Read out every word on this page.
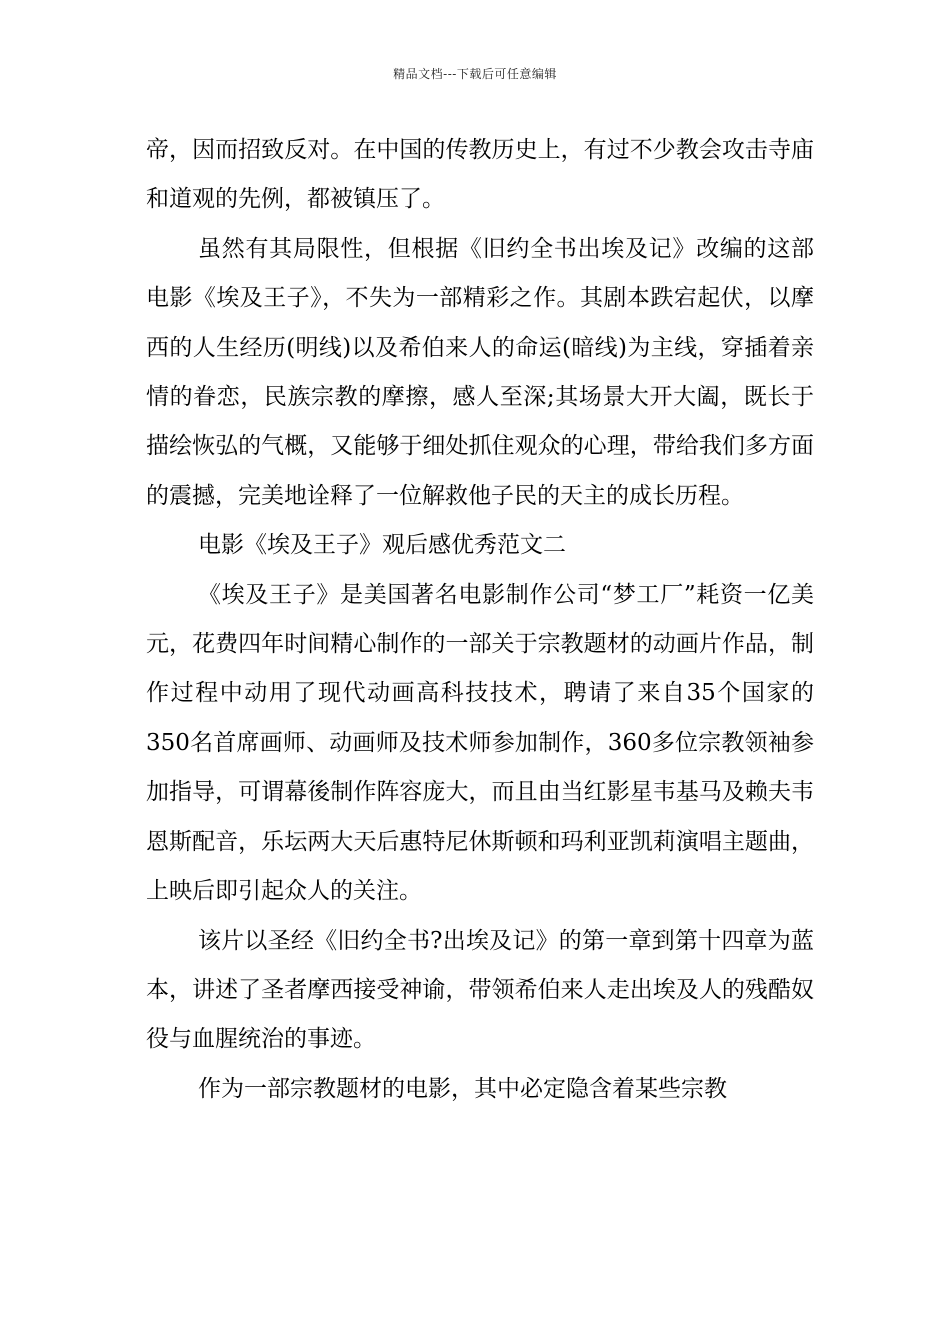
精品文档---下载后可任意编辑

帝，因而招致反对。在中国的传教历史上，有过不少教会攻击寺庙和道观的先例，都被镇压了。

虽然有其局限性，但根据《旧约全书出埃及记》改编的这部电影《埃及王子》，不失为一部精彩之作。其剧本跌宕起伏，以摩西的人生经历(明线)以及希伯来人的命运(暗线)为主线，穿插着亲情的眷恋，民族宗教的摩擦，感人至深;其场景大开大阖，既长于描绘恢弘的气概，又能够于细处抓住观众的心理，带给我们多方面的震撼，完美地诠释了一位解救他子民的天主的成长历程。

电影《埃及王子》观后感优秀范文二

《埃及王子》是美国著名电影制作公司“梦工厂”耗资一亿美元，花费四年时间精心制作的一部关于宗教题材的动画片作品，制作过程中动用了现代动画高科技技术，聘请了来自35个国家的350名首席画师、动画师及技术师参加制作，360多位宗教领袖参加指导，可谓幕後制作阵容庞大，而且由当红影星韦基马及赖夫韦恩斯配音，乐坛两大天后惠特尼休斯顿和玛利亚凯莉演唱主题曲，上映后即引起众人的关注。

该片以圣经《旧约全书?出埃及记》的第一章到第十四章为蓝本，讲述了圣者摩西接受神谕，带领希伯来人走出埃及人的残酷奴役与血腥统治的事迹。

作为一部宗教题材的电影，其中必定隐含着某些宗教
